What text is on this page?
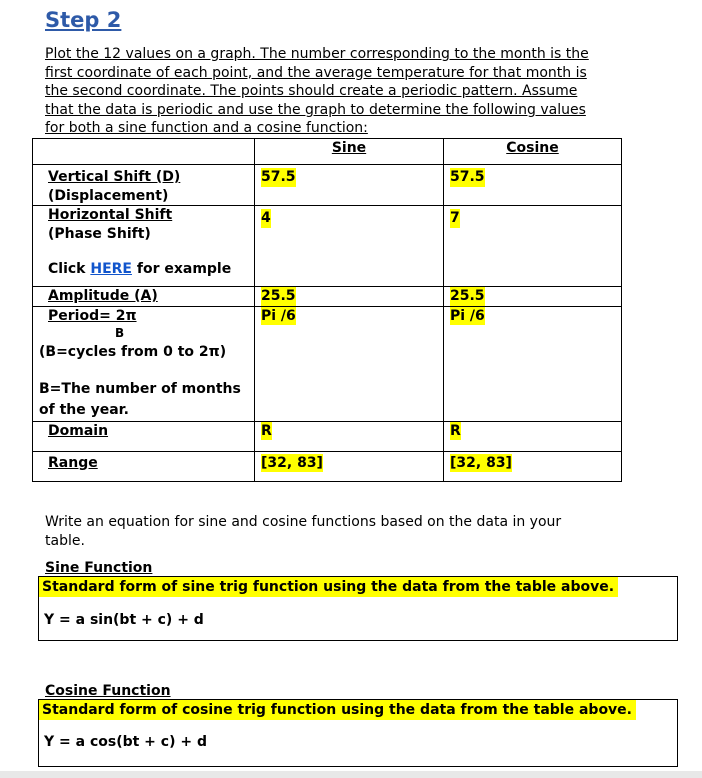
Step 2

Plot the 12 values on a graph. The number corresponding to the month is the first coordinate of each point, and the average temperature for that month is the second coordinate. The points should create a periodic pattern. Assume that the data is periodic and use the graph to determine the following values for both a sine function and a cosine function:

	Sine	Cosine

Vertical Shift (D)
(Displacement)	57.5	57.5

Horizontal Shift
(Phase Shift)
Click HERE for example	4	7

Amplitude (A)	25.5	25.5

Period= 2π
B
(B=cycles from 0 to 2π)
B=The number of months of the year.	Pi /6	Pi /6

Domain	R	R

Range	[32, 83]	[32, 83]

Write an equation for sine and cosine functions based on the data in your table.

Sine Function

Standard form of sine trig function using the data from the table above.

Y = a sin(bt + c) + d

Cosine Function

Standard form of cosine trig function using the data from the table above.

Y = a cos(bt + c) + d
